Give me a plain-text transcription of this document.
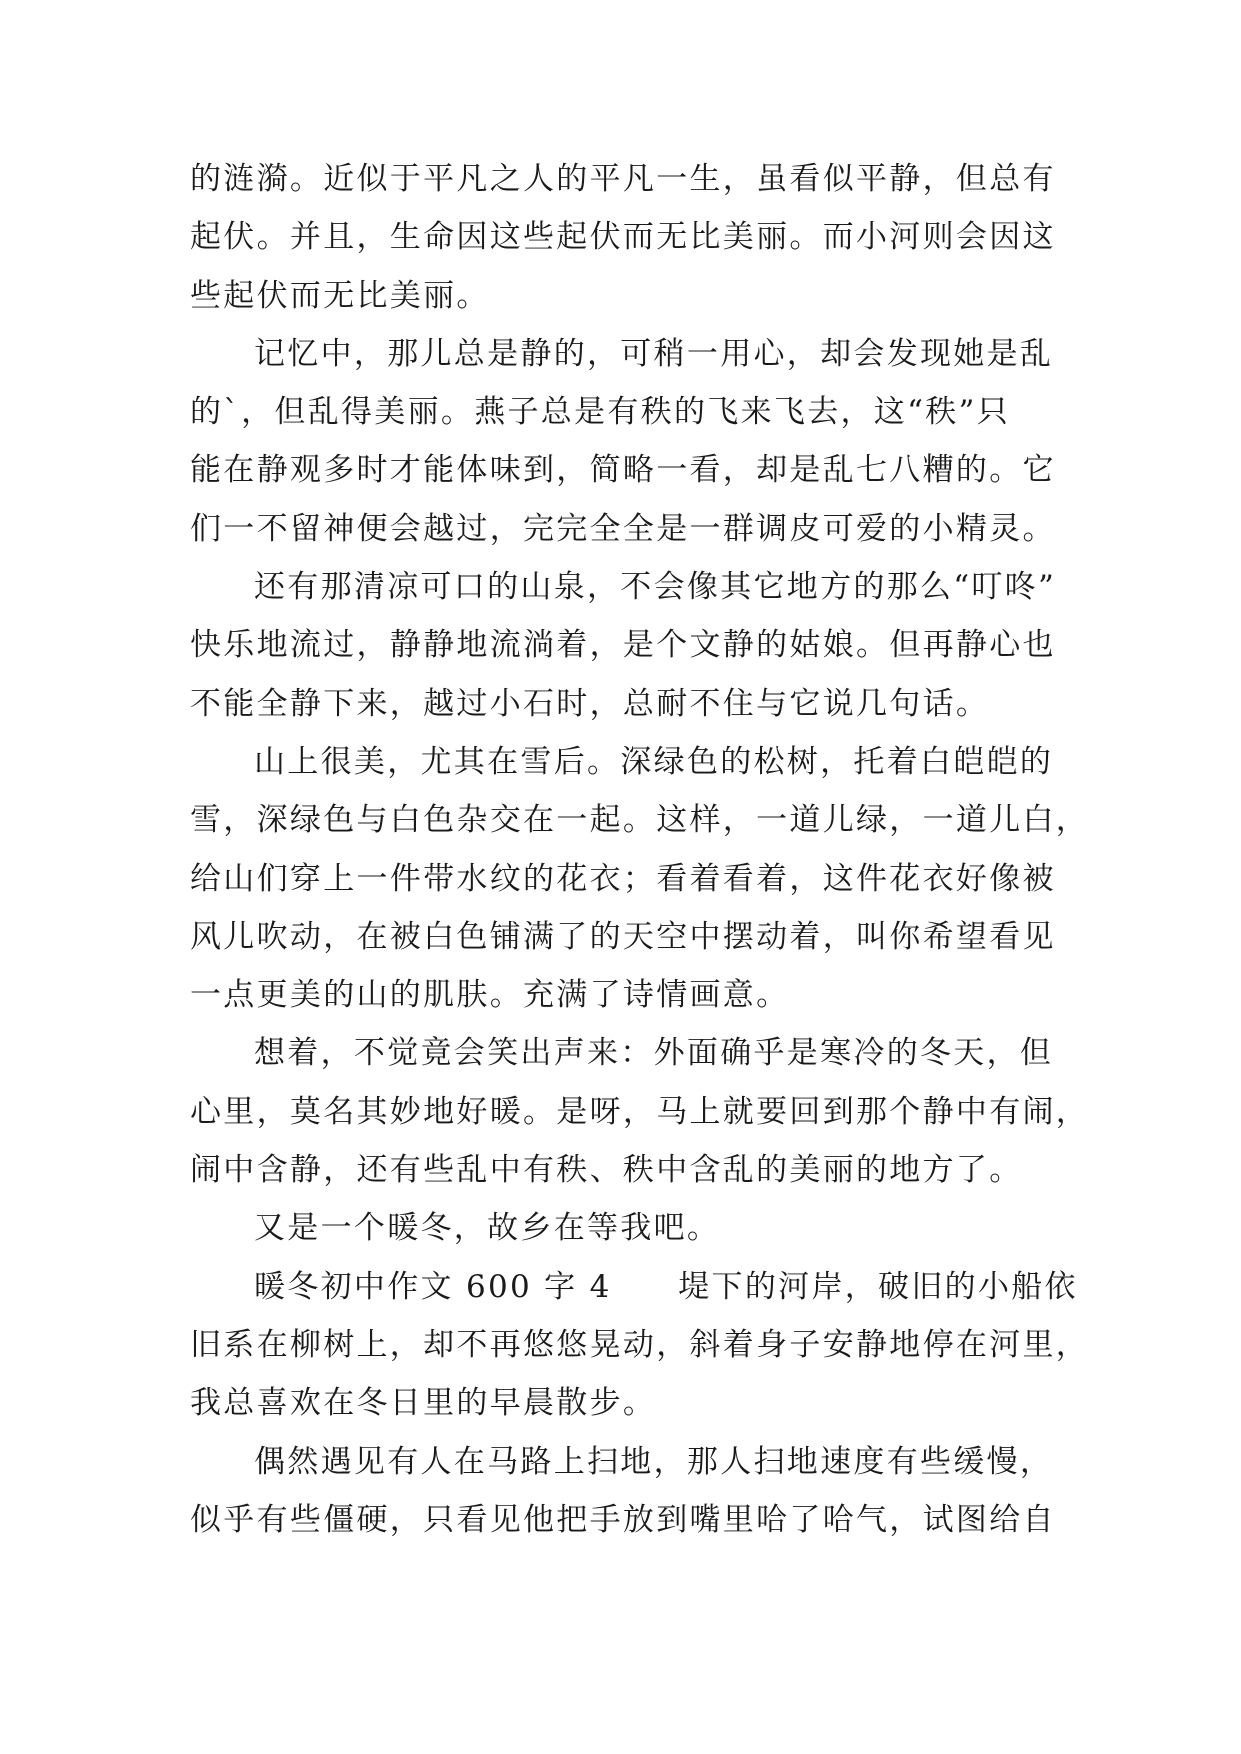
的涟漪。近似于平凡之人的平凡一生，虽看似平静，但总有
起伏。并且，生命因这些起伏而无比美丽。而小河则会因这
些起伏而无比美丽。
记忆中，那儿总是静的，可稍一用心，却会发现她是乱
的`，但乱得美丽。燕子总是有秩的飞来飞去，这“秩”只
能在静观多时才能体味到，简略一看，却是乱七八糟的。它
们一不留神便会越过，完完全全是一群调皮可爱的小精灵。
还有那清凉可口的山泉，不会像其它地方的那么“叮咚”
快乐地流过，静静地流淌着，是个文静的姑娘。但再静心也
不能全静下来，越过小石时，总耐不住与它说几句话。
山上很美，尤其在雪后。深绿色的松树，托着白皑皑的
雪，深绿色与白色杂交在一起。这样，一道儿绿，一道儿白，
给山们穿上一件带水纹的花衣；看着看着，这件花衣好像被
风儿吹动，在被白色铺满了的天空中摆动着，叫你希望看见
一点更美的山的肌肤。充满了诗情画意。
想着，不觉竟会笑出声来：外面确乎是寒冷的冬天，但
心里，莫名其妙地好暖。是呀，马上就要回到那个静中有闹，
闹中含静，还有些乱中有秩、秩中含乱的美丽的地方了。
又是一个暖冬，故乡在等我吧。
暖冬初中作文 600 字 4　　堤下的河岸，破旧的小船依
旧系在柳树上，却不再悠悠晃动，斜着身子安静地停在河里，
我总喜欢在冬日里的早晨散步。
偶然遇见有人在马路上扫地，那人扫地速度有些缓慢，
似乎有些僵硬，只看见他把手放到嘴里哈了哈气，试图给自
